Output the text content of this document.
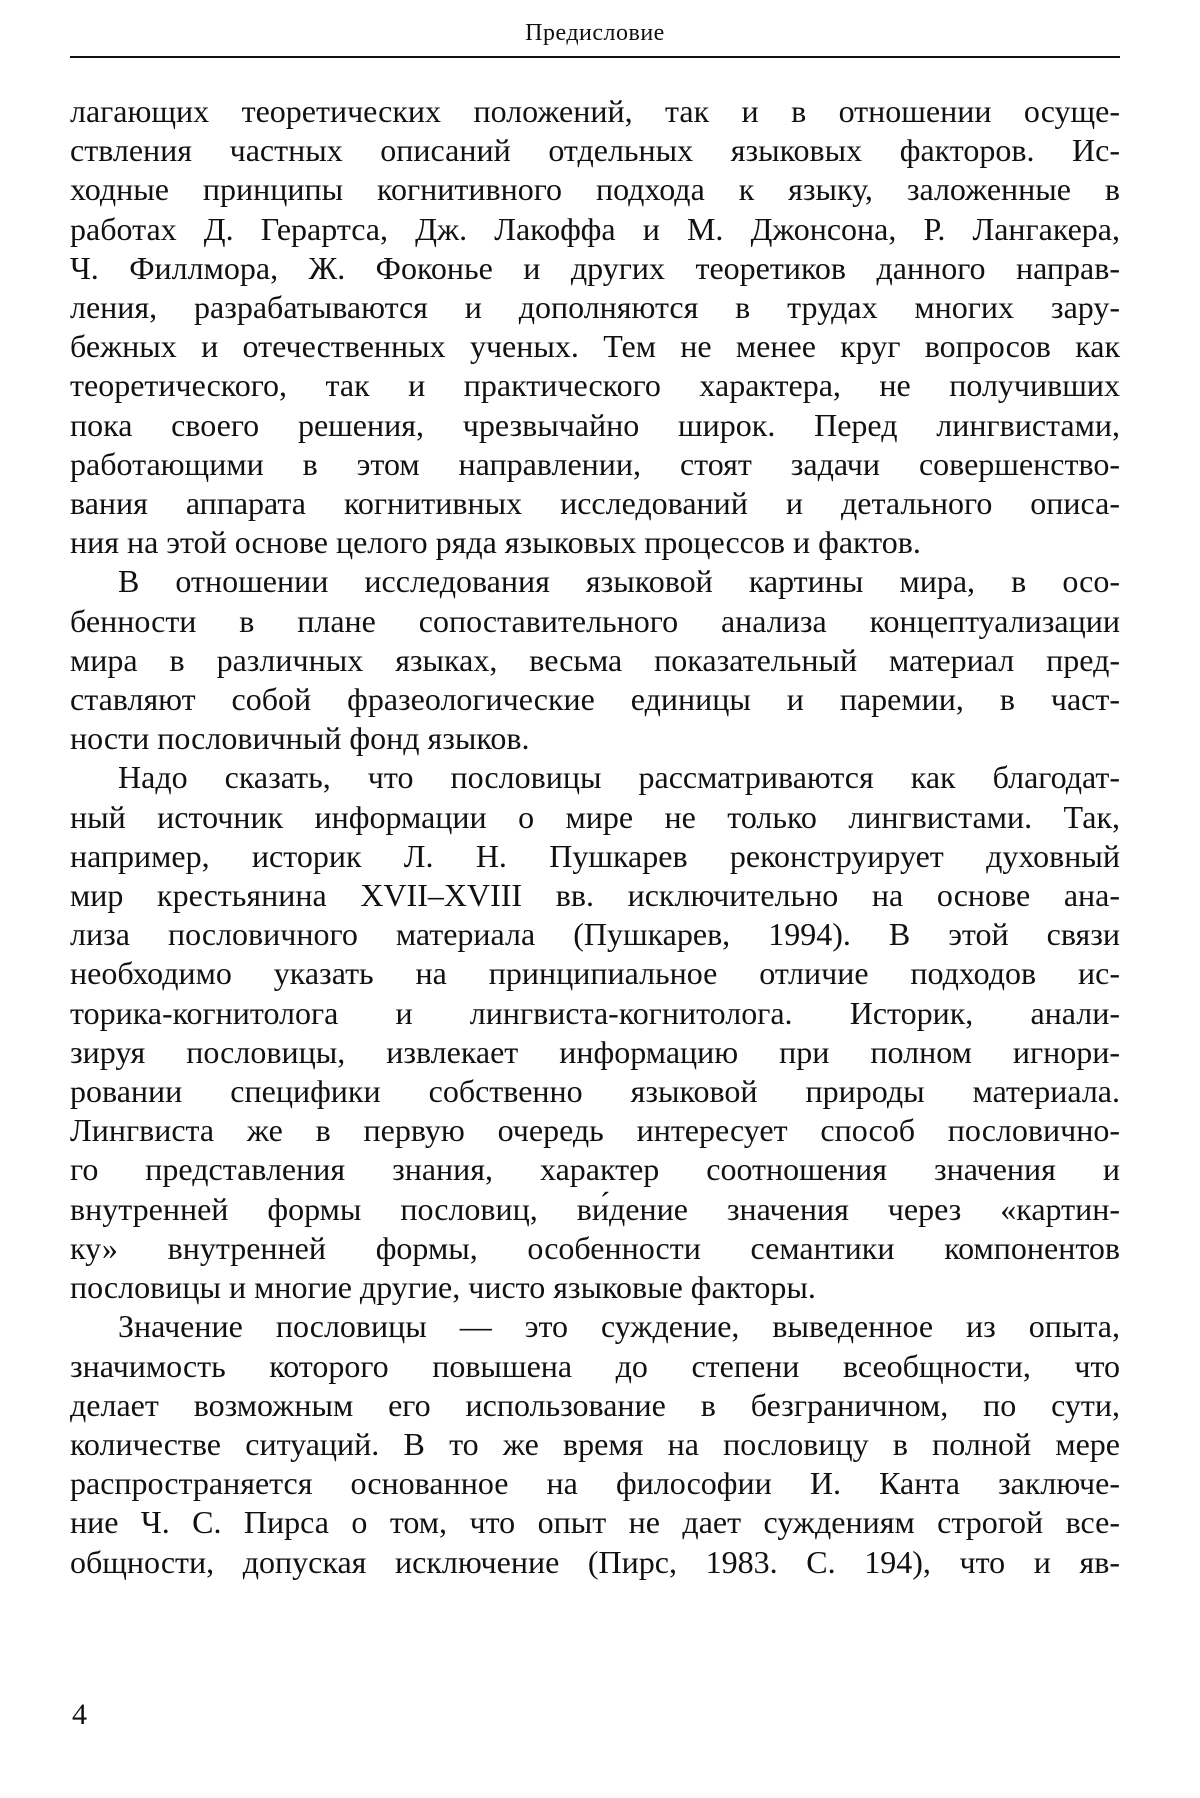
Предисловие
лагающих теоретических положений, так и в отношении осуще-
ствления частных описаний отдельных языковых факторов. Ис-
ходные принципы когнитивного подхода к языку, заложенные в
работах Д. Герартса, Дж. Лакоффа и М. Джонсона, Р. Лангакера,
Ч. Филлмора, Ж. Фоконье и других теоретиков данного направ-
ления, разрабатываются и дополняются в трудах многих зару-
бежных и отечественных ученых. Тем не менее круг вопросов как
теоретического, так и практического характера, не получивших
пока своего решения, чрезвычайно широк. Перед лингвистами,
работающими в этом направлении, стоят задачи совершенство-
вания аппарата когнитивных исследований и детального описа-
ния на этой основе целого ряда языковых процессов и фактов.
В отношении исследования языковой картины мира, в осо-
бенности в плане сопоставительного анализа концептуализации
мира в различных языках, весьма показательный материал пред-
ставляют собой фразеологические единицы и паремии, в част-
ности пословичный фонд языков.
Надо сказать, что пословицы рассматриваются как благодат-
ный источник информации о мире не только лингвистами. Так,
например, историк Л. Н. Пушкарев реконструирует духовный
мир крестьянина XVII–XVIII вв. исключительно на основе ана-
лиза пословичного материала (Пушкарев, 1994). В этой связи
необходимо указать на принципиальное отличие подходов ис-
торика-когнитолога и лингвиста-когнитолога. Историк, анали-
зируя пословицы, извлекает информацию при полном игнори-
ровании специфики собственно языковой природы материала.
Лингвиста же в первую очередь интересует способ пословично-
го представления знания, характер соотношения значения и
внутренней формы пословиц, ви́дение значения через «картин-
ку» внутренней формы, особенности семантики компонентов
пословицы и многие другие, чисто языковые факторы.
Значение пословицы — это суждение, выведенное из опыта,
значимость которого повышена до степени всеобщности, что
делает возможным его использование в безграничном, по сути,
количестве ситуаций. В то же время на пословицу в полной мере
распространяется основанное на философии И. Канта заключе-
ние Ч. С. Пирса о том, что опыт не дает суждениям строгой все-
общности, допуская исключение (Пирс, 1983. С. 194), что и яв-
4
